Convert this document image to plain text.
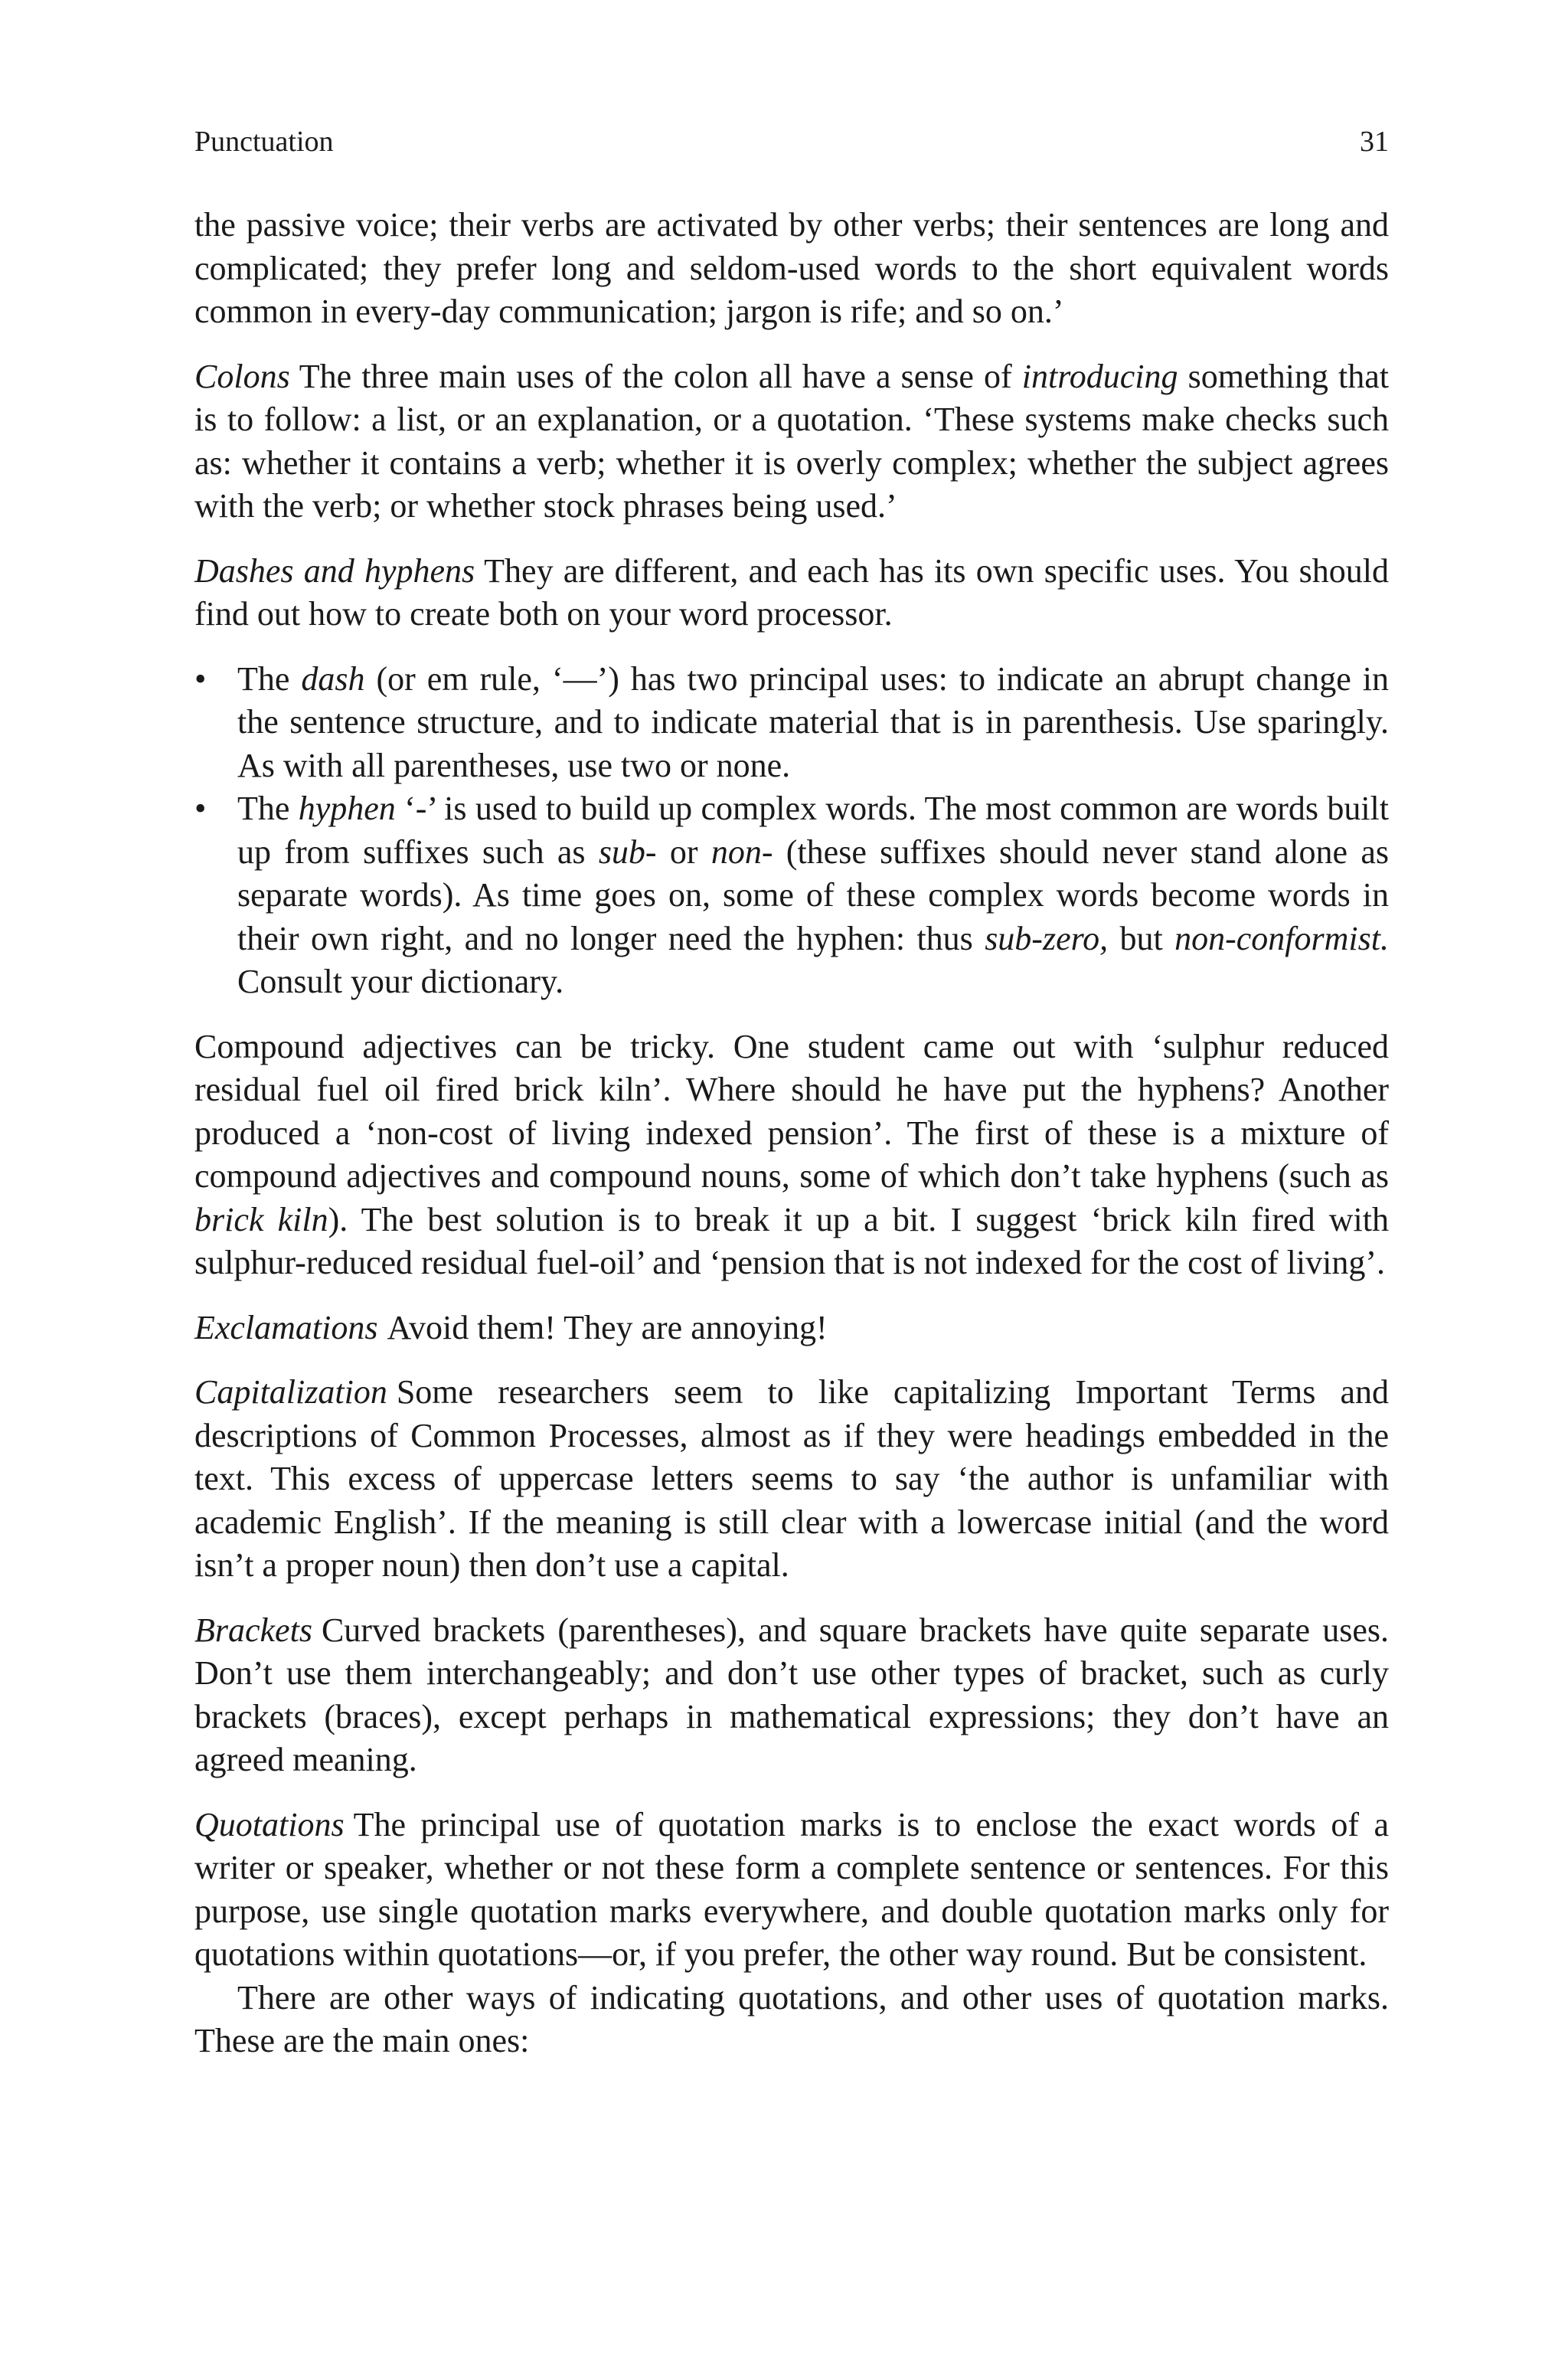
Punctuation	31

the passive voice; their verbs are activated by other verbs; their sentences are long and complicated; they prefer long and seldom-used words to the short equivalent words common in every-day communication; jargon is rife; and so on.’

Colons The three main uses of the colon all have a sense of introducing something that is to follow: a list, or an explanation, or a quotation. ‘These systems make checks such as: whether it contains a verb; whether it is overly complex; whether the subject agrees with the verb; or whether stock phrases being used.’

Dashes and hyphens They are different, and each has its own specific uses. You should find out how to create both on your word processor.

• The dash (or em rule, ‘—’) has two principal uses: to indicate an abrupt change in the sentence structure, and to indicate material that is in parenthesis. Use sparingly. As with all parentheses, use two or none.
• The hyphen ‘-’ is used to build up complex words. The most common are words built up from suffixes such as sub- or non- (these suffixes should never stand alone as separate words). As time goes on, some of these complex words become words in their own right, and no longer need the hyphen: thus sub-zero, but non-conformist. Consult your dictionary.

Compound adjectives can be tricky. One student came out with ‘sulphur reduced residual fuel oil fired brick kiln’. Where should he have put the hyphens? Another produced a ‘non-cost of living indexed pension’. The first of these is a mixture of compound adjectives and compound nouns, some of which don’t take hyphens (such as brick kiln). The best solution is to break it up a bit. I suggest ‘brick kiln fired with sulphur-reduced residual fuel-oil’ and ‘pension that is not indexed for the cost of living’.

Exclamations Avoid them! They are annoying!

Capitalization Some researchers seem to like capitalizing Important Terms and descriptions of Common Processes, almost as if they were headings embedded in the text. This excess of uppercase letters seems to say ‘the author is unfamiliar with academic English’. If the meaning is still clear with a lowercase initial (and the word isn’t a proper noun) then don’t use a capital.

Brackets Curved brackets (parentheses), and square brackets have quite separate uses. Don’t use them interchangeably; and don’t use other types of bracket, such as curly brackets (braces), except perhaps in mathematical expressions; they don’t have an agreed meaning.

Quotations The principal use of quotation marks is to enclose the exact words of a writer or speaker, whether or not these form a complete sentence or sentences. For this purpose, use single quotation marks everywhere, and double quotation marks only for quotations within quotations—or, if you prefer, the other way round. But be consistent.

There are other ways of indicating quotations, and other uses of quotation marks. These are the main ones:
